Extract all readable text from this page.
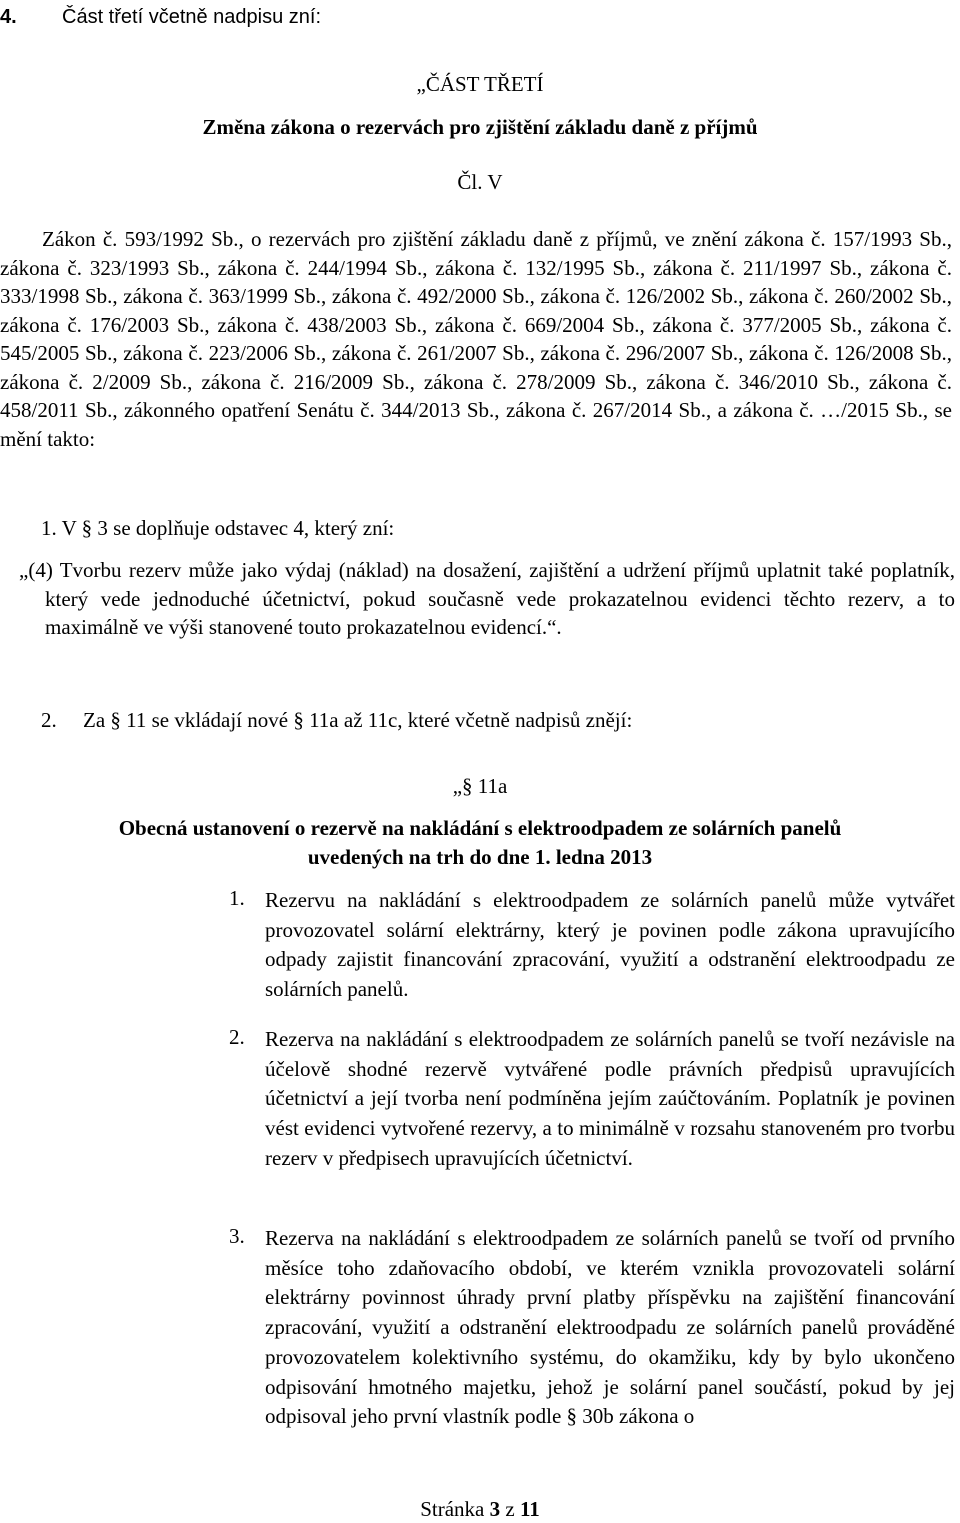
4. Část třetí včetně nadpisu zní:

„ČÁST TŘETÍ

Změna zákona o rezervách pro zjištění základu daně z příjmů

Čl. V

Zákon č. 593/1992 Sb., o rezervách pro zjištění základu daně z příjmů, ve znění zákona č. 157/1993 Sb., zákona č. 323/1993 Sb., zákona č. 244/1994 Sb., zákona č. 132/1995 Sb., zákona č. 211/1997 Sb., zákona č. 333/1998 Sb., zákona č. 363/1999 Sb., zákona č. 492/2000 Sb., zákona č. 126/2002 Sb., zákona č. 260/2002 Sb., zákona č. 176/2003 Sb., zákona č. 438/2003 Sb., zákona č. 669/2004 Sb., zákona č. 377/2005 Sb., zákona č. 545/2005 Sb., zákona č. 223/2006 Sb., zákona č. 261/2007 Sb., zákona č. 296/2007 Sb., zákona č. 126/2008 Sb., zákona č. 2/2009 Sb., zákona č. 216/2009 Sb., zákona č. 278/2009 Sb., zákona č. 346/2010 Sb., zákona č. 458/2011 Sb., zákonného opatření Senátu č. 344/2013 Sb., zákona č. 267/2014 Sb., a zákona č. …/2015 Sb., se mění takto:

1. V § 3 se doplňuje odstavec 4, který zní:

„(4) Tvorbu rezerv může jako výdaj (náklad) na dosažení, zajištění a udržení příjmů uplatnit také poplatník, který vede jednoduché účetnictví, pokud současně vede prokazatelnou evidenci těchto rezerv, a to maximálně ve výši stanovené touto prokazatelnou evidencí.“.

2.     Za § 11 se vkládají nové § 11a až 11c, které včetně nadpisů znějí:

„§ 11a

Obecná ustanovení o rezervě na nakládání s elektroodpadem ze solárních panelů

uvedených na trh do dne 1. ledna 2013

1. Rezervu na nakládání s elektroodpadem ze solárních panelů může vytvářet provozovatel solární elektrárny, který je povinen podle zákona upravujícího odpady zajistit financování zpracování, využití a odstranění elektroodpadu ze solárních panelů.

2. Rezerva na nakládání s elektroodpadem ze solárních panelů se tvoří nezávisle na účelově shodné rezervě vytvářené podle právních předpisů upravujících účetnictví a její tvorba není podmíněna jejím zaúčtováním. Poplatník je povinen vést evidenci vytvořené rezervy, a to minimálně v rozsahu stanoveném pro tvorbu rezerv v předpisech upravujících účetnictví.

3. Rezerva na nakládání s elektroodpadem ze solárních panelů se tvoří od prvního měsíce toho zdaňovacího období, ve kterém vznikla provozovateli solární elektrárny povinnost úhrady první platby příspěvku na zajištění financování zpracování, využití a odstranění elektroodpadu ze solárních panelů prováděné provozovatelem kolektivního systému, do okamžiku, kdy by bylo ukončeno odpisování hmotného majetku, jehož je solární panel součástí, pokud by jej odpisoval jeho první vlastník podle § 30b zákona o

Stránka 3 z 11
